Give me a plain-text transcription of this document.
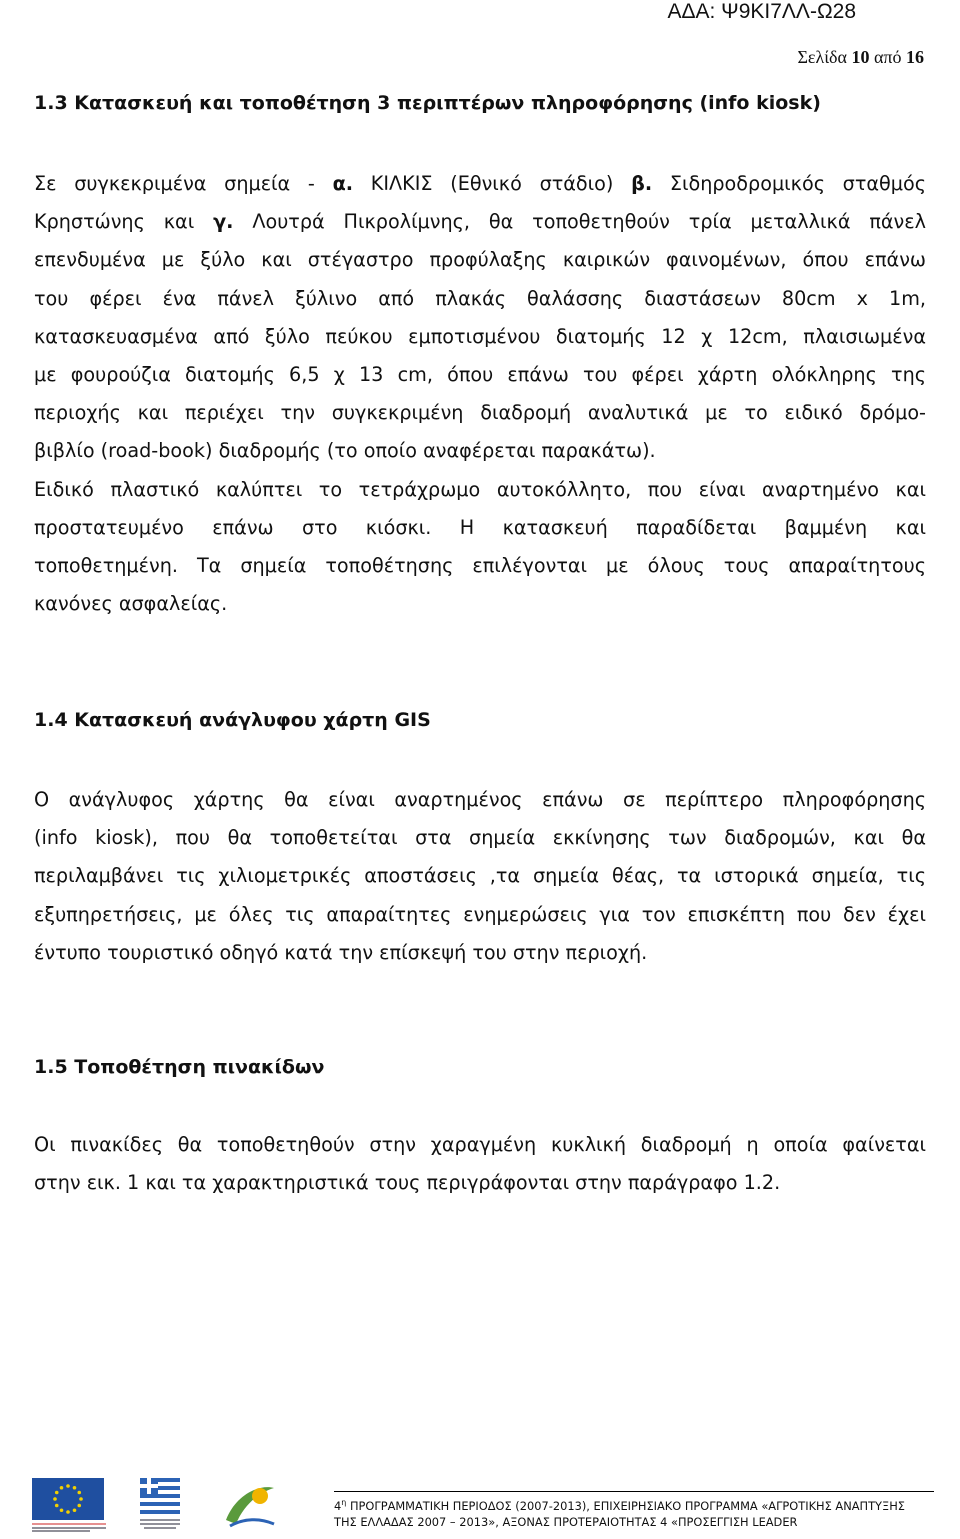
ΑΔΑ: Ψ9ΚΙ7ΛΛ-Ω28
Σελίδα 10 από 16
1.3 Κατασκευή και τοποθέτηση 3 περιπτέρων πληροφόρησης (info kiosk)
Σε συγκεκριμένα σημεία - α. ΚΙΛΚΙΣ (Εθνικό στάδιο) β. Σιδηροδρομικός σταθμός
Κρηστώνης και γ. Λουτρά Πικρολίμνης, θα τοποθετηθούν τρία μεταλλικά πάνελ
επενδυμένα με ξύλο και στέγαστρο προφύλαξης καιρικών φαινομένων, όπου επάνω
του φέρει ένα πάνελ ξύλινο από πλακάς θαλάσσης διαστάσεων 80cm x 1m,
κατασκευασμένα από ξύλο πεύκου εμποτισμένου διατομής 12 χ 12cm, πλαισιωμένα
με φουρούζια διατομής 6,5 χ 13 cm, όπου επάνω του φέρει χάρτη ολόκληρης της
περιοχής και περιέχει την συγκεκριμένη διαδρομή αναλυτικά με το ειδικό δρόμο-
βιβλίο (road-book) διαδρομής (το οποίο αναφέρεται παρακάτω).
Ειδικό πλαστικό καλύπτει το τετράχρωμο αυτοκόλλητο, που είναι αναρτημένο και
προστατευμένο επάνω στο κιόσκι. Η κατασκευή παραδίδεται βαμμένη και
τοποθετημένη. Τα σημεία τοποθέτησης επιλέγονται με όλους τους απαραίτητους
κανόνες ασφαλείας.
1.4 Κατασκευή ανάγλυφου χάρτη GIS
Ο ανάγλυφος χάρτης θα είναι αναρτημένος επάνω σε περίπτερο πληροφόρησης
(info kiosk), που θα τοποθετείται στα σημεία εκκίνησης των διαδρομών, και θα
περιλαμβάνει τις χιλιομετρικές αποστάσεις ,τα σημεία θέας, τα ιστορικά σημεία, τις
εξυπηρετήσεις, με όλες τις απαραίτητες ενημερώσεις για τον επισκέπτη που δεν έχει
έντυπο τουριστικό οδηγό κατά την επίσκεψή του στην περιοχή.
1.5 Τοποθέτηση πινακίδων
Οι πινακίδες θα τοποθετηθούν στην χαραγμένη κυκλική διαδρομή η οποία φαίνεται
στην εικ. 1 και τα χαρακτηριστικά τους περιγράφονται στην παράγραφο 1.2.
$4^\eta$ ΠΡΟΓΡΑΜΜΑΤΙΚΗ ΠΕΡΙΟΔΟΣ (2007-2013), ΕΠΙΧΕΙΡΗΣΙΑΚΟ ΠΡΟΓΡΑΜΜΑ «ΑΓΡΟΤΙΚΗΣ ΑΝΑΠΤΥΞΗΣ
ΤΗΣ ΕΛΛΑΔΑΣ 2007 – 2013», ΑΞΟΝΑΣ ΠΡΟΤΕΡΑΙΟΤΗΤΑΣ 4 «ΠΡΟΣΕΓΓΙΣΗ LEADER
